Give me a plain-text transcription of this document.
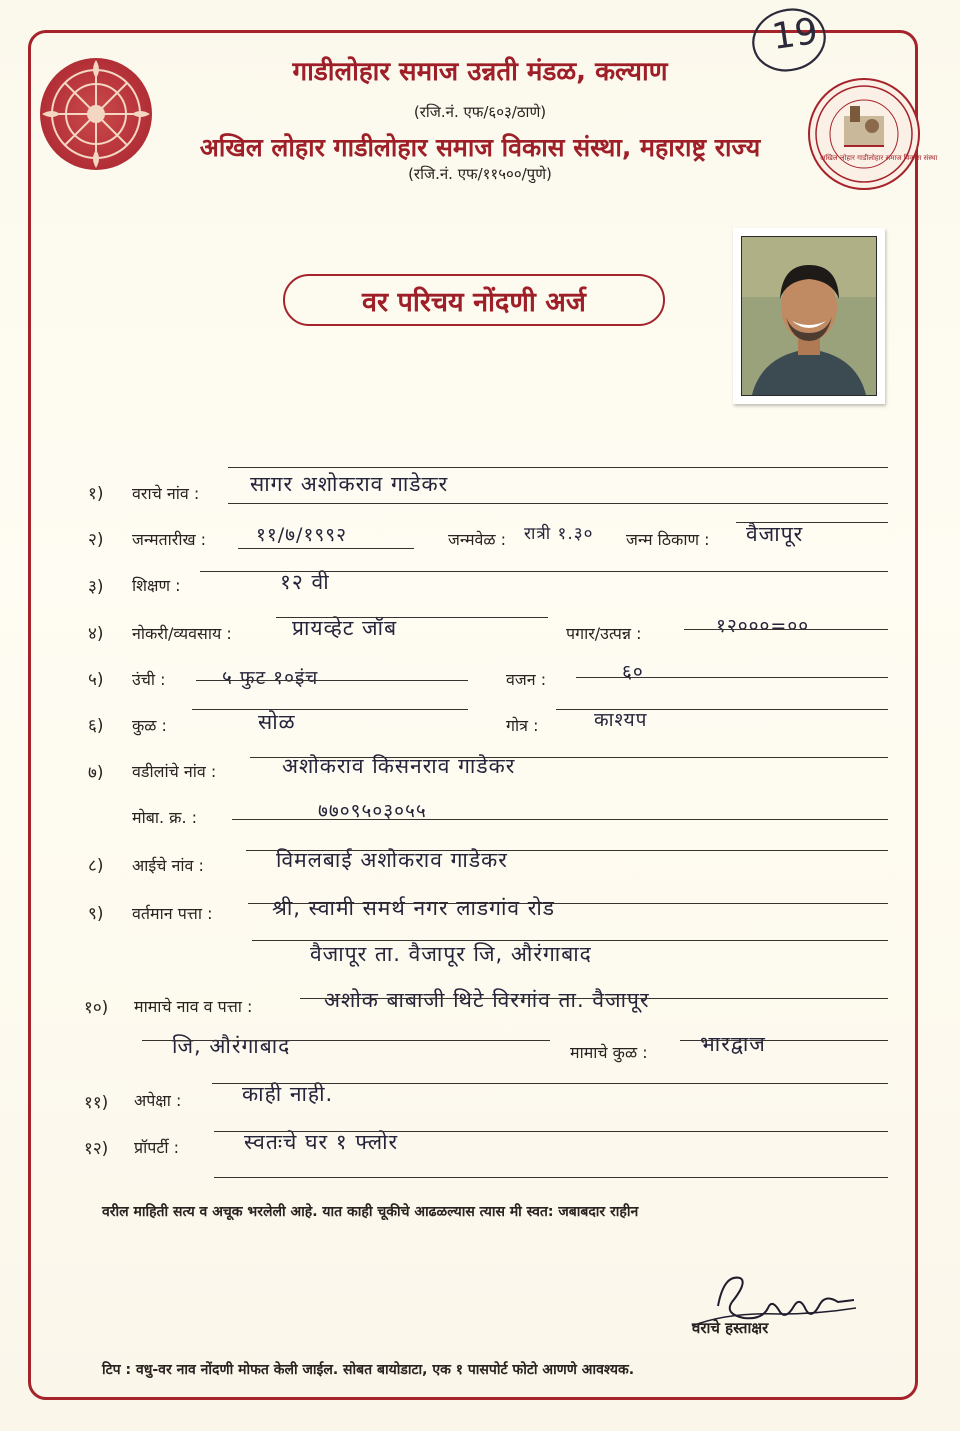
19
अखिल लोहार गाडीलोहार समाज विकास संस्था
गाडीलोहार समाज उन्नती मंडळ, कल्याण
(रजि.नं. एफ/६०३/ठाणे)
अखिल लोहार गाडीलोहार समाज विकास संस्था, महाराष्ट्र राज्य
(रजि.नं. एफ/११५००/पुणे)
वर परिचय नोंदणी अर्ज
१) वराचे नांव : सागर अशोकराव गाडेकर
२) जन्मतारीख :	११/७/१९९२	जन्मवेळ : रात्री १.३० जन्म ठिकाण : वैजापूर
३) शिक्षण :	१२ वी
४) नोकरी/व्यवसाय :	प्रायव्हेट जॉब	पगार/उत्पन्न :	१२०००=००
५) उंची :	५ फुट १०इंच	वजन :	६०
६) कुळ :	सोळ	गोत्र :	काश्यप
७) वडीलांचे नांव :	अशोकराव किसनराव गाडेकर
मोबा. क्र. :	७७०९५०३०५५
८) आईचे नांव :	विमलबाई अशोकराव गाडेकर
९) वर्तमान पत्ता :	श्री, स्वामी समर्थ नगर लाडगांव रोड
वैजापूर ता. वैजापूर जि, औरंगाबाद
१०) मामाचे नाव व पत्ता :	अशोक बाबाजी थिटे विरगांव ता. वैजापूर
जि, औरंगाबाद	मामाचे कुळ : भारद्वाज
११) अपेक्षा :	काही नाही.
१२) प्रॉपर्टी :	स्वतःचे घर १ फ्लोर
वरील माहिती सत्य व अचूक भरलेली आहे. यात काही चूकीचे आढळल्यास त्यास मी स्वत: जबाबदार राहीन
वराचे हस्ताक्षर
टिप : वधु-वर नाव नोंदणी मोफत केली जाईल. सोबत बायोडाटा, एक १ पासपोर्ट फोटो आणणे आवश्यक.
